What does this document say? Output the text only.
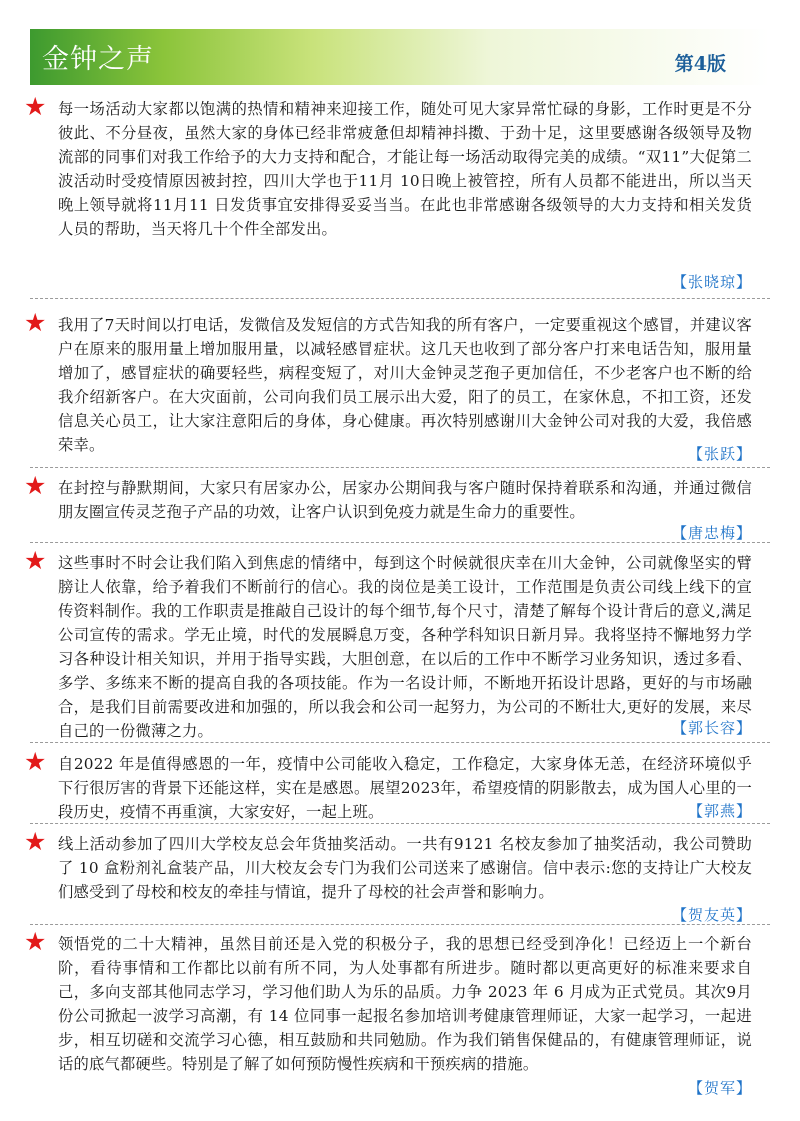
金钟之声	第4版
★ 每一场活动大家都以饱满的热情和精神来迎接工作，随处可见大家异常忙碌的身影，工作时更是不分彼此、不分昼夜，虽然大家的身体已经非常疲惫但却精神抖擞、于劲十足，这里要感谢各级领导及物流部的同事们对我工作给予的大力支持和配合，才能让每一场活动取得完美的成绩。“双11”大促第二波活动时受疫情原因被封控，四川大学也于11月 10日晚上被管控，所有人员都不能进出，所以当天晚上领导就将11月11 日发货事宜安排得妥妥当当。在此也非常感谢各级领导的大力支持和相关发货人员的帮助，当天将几十个件全部发出。
【 张晓琼 】
★ 我用了7天时间以打电话，发微信及发短信的方式告知我的所有客户，一定要重视这个感冒，并建议客户在原来的服用量上增加服用量，以减轻感冒症状。这几天也收到了部分客户打来电话告知，服用量增加了，感冒症状的确要轻些，病程变短了，对川大金钟灵芝孢子更加信任，不少老客户也不断的给我介绍新客户。在大灾面前，公司向我们员工展示出大爱，阳了的员工，在家休息，不扣工资，还发信息关心员工，让大家注意阳后的身体，身心健康。再次特别感谢川大金钟公司对我的大爱，我倍感荣幸。	【 张跃 】
★ 在封控与静默期间，大家只有居家办公，居家办公期间我与客户随时保持着联系和沟通，并通过微信朋友圈宣传灵芝孢子产品的功效，让客户认识到免疫力就是生命力的重要性。
【 唐忠梅 】
★ 这些事时不时会让我们陷入到焦虑的情绪中，每到这个时候就很庆幸在川大金钟，公司就像坚实的臂膀让人依靠，给予着我们不断前行的信心。我的岗位是美工设计，工作范围是负责公司线上线下的宣传资料制作。我的工作职责是推敲自己设计的每个细节,每个尺寸，清楚了解每个设计背后的意义,满足公司宣传的需求。学无止境，时代的发展瞬息万变，各种学科知识日新月异。我将坚持不懈地努力学习各种设计相关知识，并用于指导实践，大胆创意，在以后的工作中不断学习业务知识，透过多看、多学、多练来不断的提高自我的各项技能。作为一名设计师，不断地开拓设计思路，更好的与市场融合，是我们目前需要改进和加强的，所以我会和公司一起努力，为公司的不断壮大,更好的发展，来尽自己的一份微薄之力。	【 郭长容 】
★ 自2022 年是值得感恩的一年，疫情中公司能收入稳定，工作稳定，大家身体无恙，在经济环境似乎下行很厉害的背景下还能这样，实在是感恩。展望2023年，希望疫情的阴影散去，成为国人心里的一段历史，疫情不再重演，大家安好，一起上班。	【 郭燕 】
★ 线上活动参加了四川大学校友总会年货抽奖活动。一共有9121 名校友参加了抽奖活动，我公司赞助了 10 盒粉剂礼盒装产品，川大校友会专门为我们公司送来了感谢信。信中表示:您的支持让广大校友们感受到了母校和校友的牵挂与情谊，提升了母校的社会声誉和影响力。
【 贺友英 】
★ 领悟党的二十大精神，虽然目前还是入党的积极分子，我的思想已经受到净化！已经迈上一个新台阶，看待事情和工作都比以前有所不同，为人处事都有所进步。随时都以更高更好的标准来要求自己，多向支部其他同志学习，学习他们助人为乐的品质。力争 2023 年 6 月成为正式党员。其次9月份公司掀起一波学习高潮，有 14 位同事一起报名参加培训考健康管理师证，大家一起学习，一起进步，相互切磋和交流学习心德，相互鼓励和共同勉励。作为我们销售保健品的，有健康管理师证，说话的底气都硬些。特别是了解了如何预防慢性疾病和干预疾病的措施。
【 贺军 】
